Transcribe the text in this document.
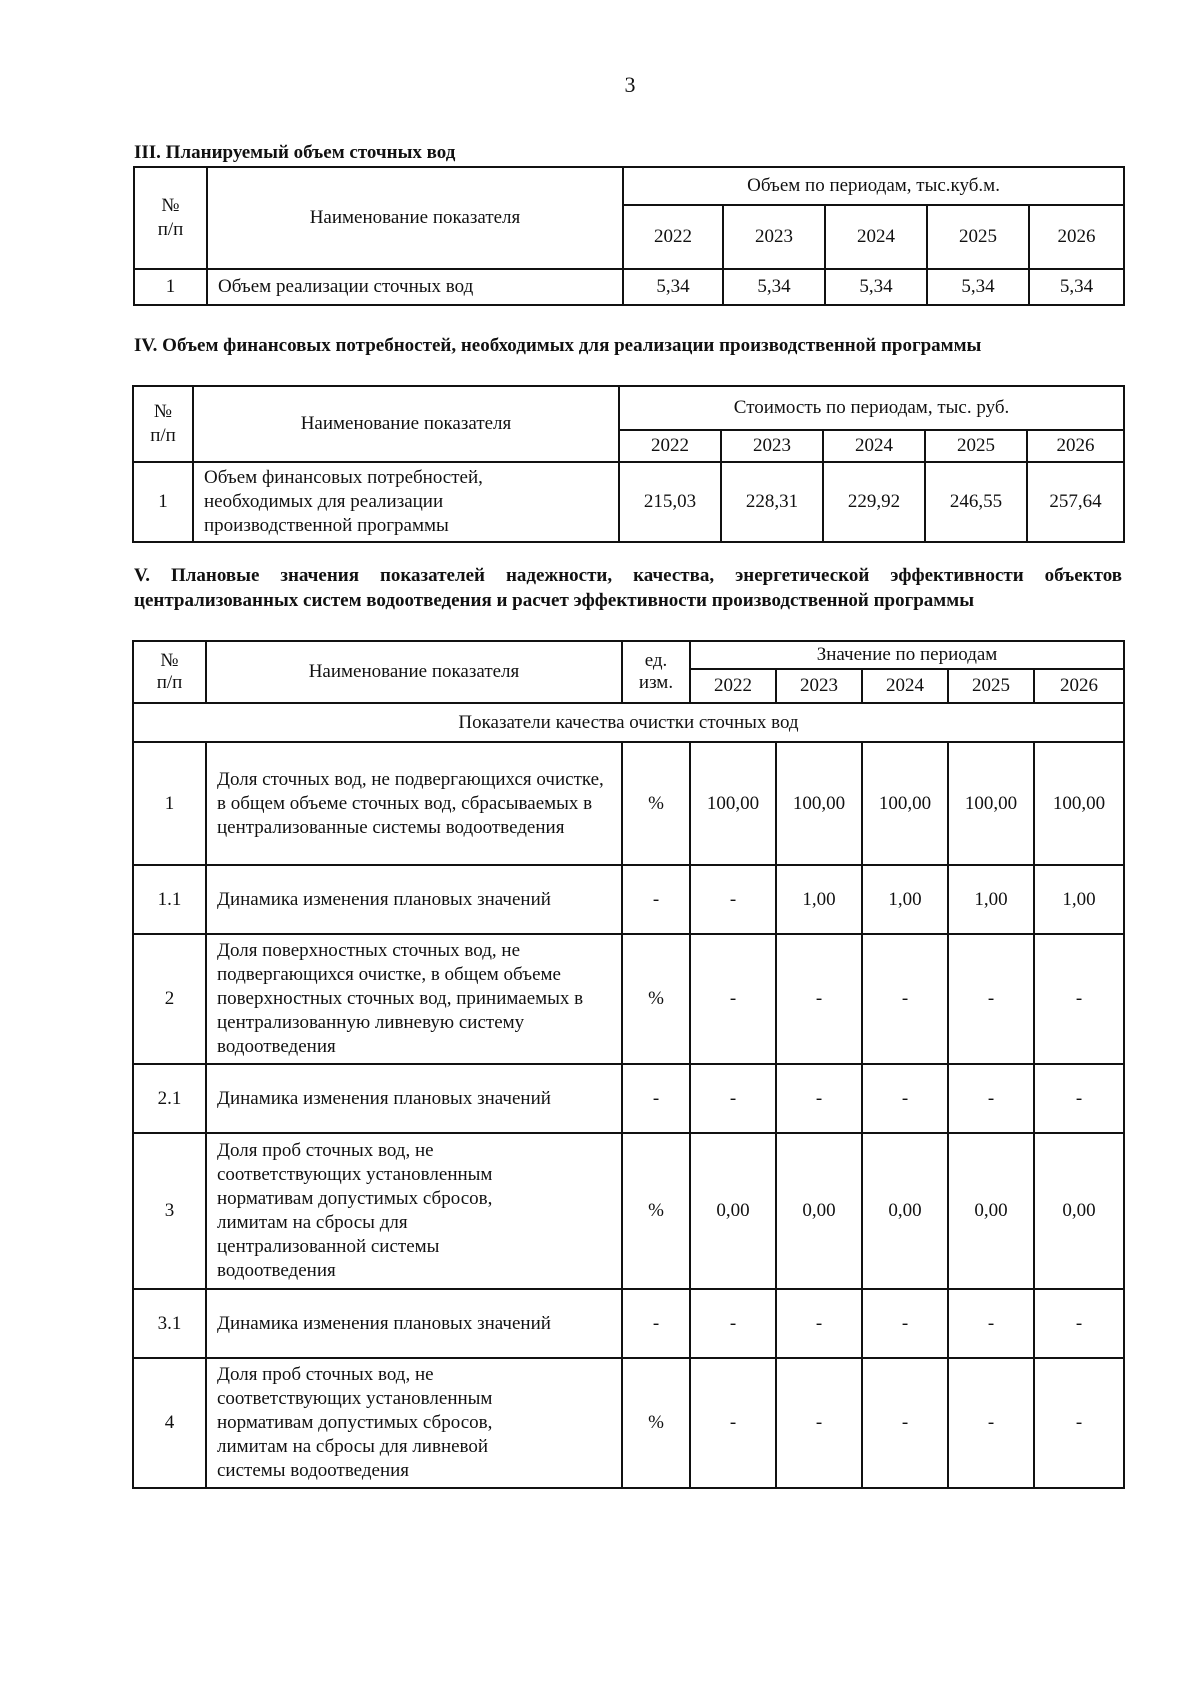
3
III. Планируемый объем сточных вод
№
п/п	Наименование показателя	Объем по периодам, тыс.куб.м.				
		2022	2023	2024	2025	2026
1	Объем реализации сточных вод	5,34	5,34	5,34	5,34	5,34
IV. Объем финансовых потребностей, необходимых для реализации производственной программы
№
п/п	Наименование показателя	Стоимость по периодам, тыс. руб.				
		2022	2023	2024	2025	2026
1	Объем финансовых потребностей, необходимых для реализации производственной программы	215,03	228,31	229,92	246,55	257,64
V. Плановые значения показателей надежности, качества, энергетической эффективности объектов централизованных систем водоотведения и расчет эффективности производственной программы
№
п/п	Наименование показателя	ед.
изм.	Значение по периодам				
			2022	2023	2024	2025	2026
Показатели качества очистки сточных вод							
1	Доля сточных вод, не подвергающихся очистке, в общем объеме сточных вод, сбрасываемых в централизованные системы водоотведения	%	100,00	100,00	100,00	100,00	100,00
1.1	Динамика изменения плановых значений	-	-	1,00	1,00	1,00	1,00
2	Доля поверхностных сточных вод, не подвергающихся очистке, в общем объеме поверхностных сточных вод, принимаемых в централизованную ливневую систему водоотведения	%	-	-	-	-	-
2.1	Динамика изменения плановых значений	-	-	-	-	-	-
3	Доля проб сточных вод, не соответствующих установленным нормативам допустимых сбросов, лимитам на сбросы для централизованной системы водоотведения	%	0,00	0,00	0,00	0,00	0,00
3.1	Динамика изменения плановых значений	-	-	-	-	-	-
4	Доля проб сточных вод, не соответствующих установленным нормативам допустимых сбросов, лимитам на сбросы для ливневой системы водоотведения	%	-	-	-	-	-
